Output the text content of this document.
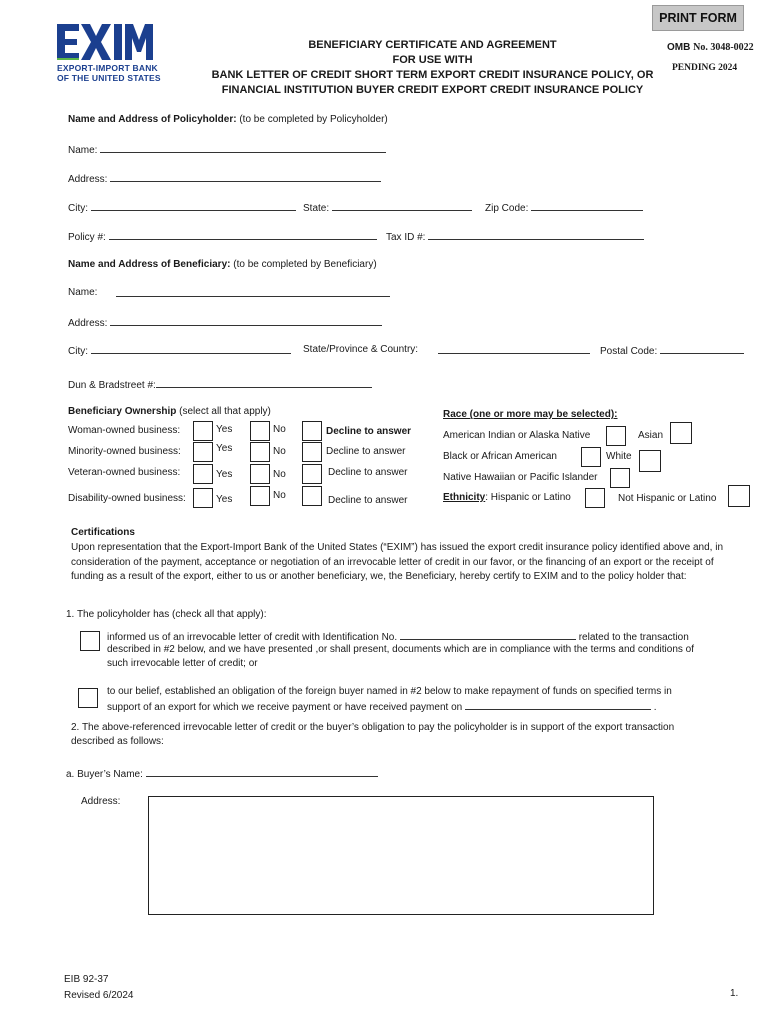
EXPORT-IMPORT BANK
OF THE UNITED STATES
PRINT FORM
OMB No. 3048-0022
PENDING 2024
BENEFICIARY CERTIFICATE AND AGREEMENT
FOR USE WITH
BANK LETTER OF CREDIT SHORT TERM EXPORT CREDIT INSURANCE POLICY, OR
FINANCIAL INSTITUTION BUYER CREDIT EXPORT CREDIT INSURANCE POLICY
Name and Address of Policyholder: (to be completed by Policyholder)
Name:
Address:
City:	State:	Zip Code:
Policy #:	Tax ID #:
Name and Address of Beneficiary: (to be completed by Beneficiary)
Name:
Address:
City:	State/Province & Country:	Postal Code:
Dun & Bradstreet #:
Beneficiary Ownership (select all that apply)
Woman-owned business:	Yes	No	Decline to answer
Minority-owned business:	Yes	No	Decline to answer
Veteran-owned business:	Yes	No	Decline to answer
Disability-owned business:	Yes	No	Decline to answer
Race (one or more may be selected):
American Indian or Alaska Native	Asian
Black or African American	White
Native Hawaiian or Pacific Islander
Ethnicity: Hispanic or Latino	Not Hispanic or Latino
Certifications
Upon representation that the Export-Import Bank of the United States (“EXIM”) has issued the export credit insurance policy identified above and, in consideration of the payment, acceptance or negotiation of an irrevocable letter of credit in our favor, or the financing of an export or the receipt of funding as a result of the export, either to us or another beneficiary, we, the Beneficiary, hereby certify to EXIM and to the policy holder that:
1. The policyholder has (check all that apply):
informed us of an irrevocable letter of credit with Identification No.	related to the transaction
described in #2 below, and we have presented ,or shall present, documents which are in compliance with the terms and conditions of
such irrevocable letter of credit; or
to our belief, established an obligation of the foreign buyer named in #2 below to make repayment of funds on specified terms in
support of an export for which we receive payment or have received payment on	.
2. The above-referenced irrevocable letter of credit or the buyer’s obligation to pay the policyholder is in support of the export transaction
described as follows:
a. Buyer’s Name:
Address:
EIB 92-37
Revised 6/2024	1.
